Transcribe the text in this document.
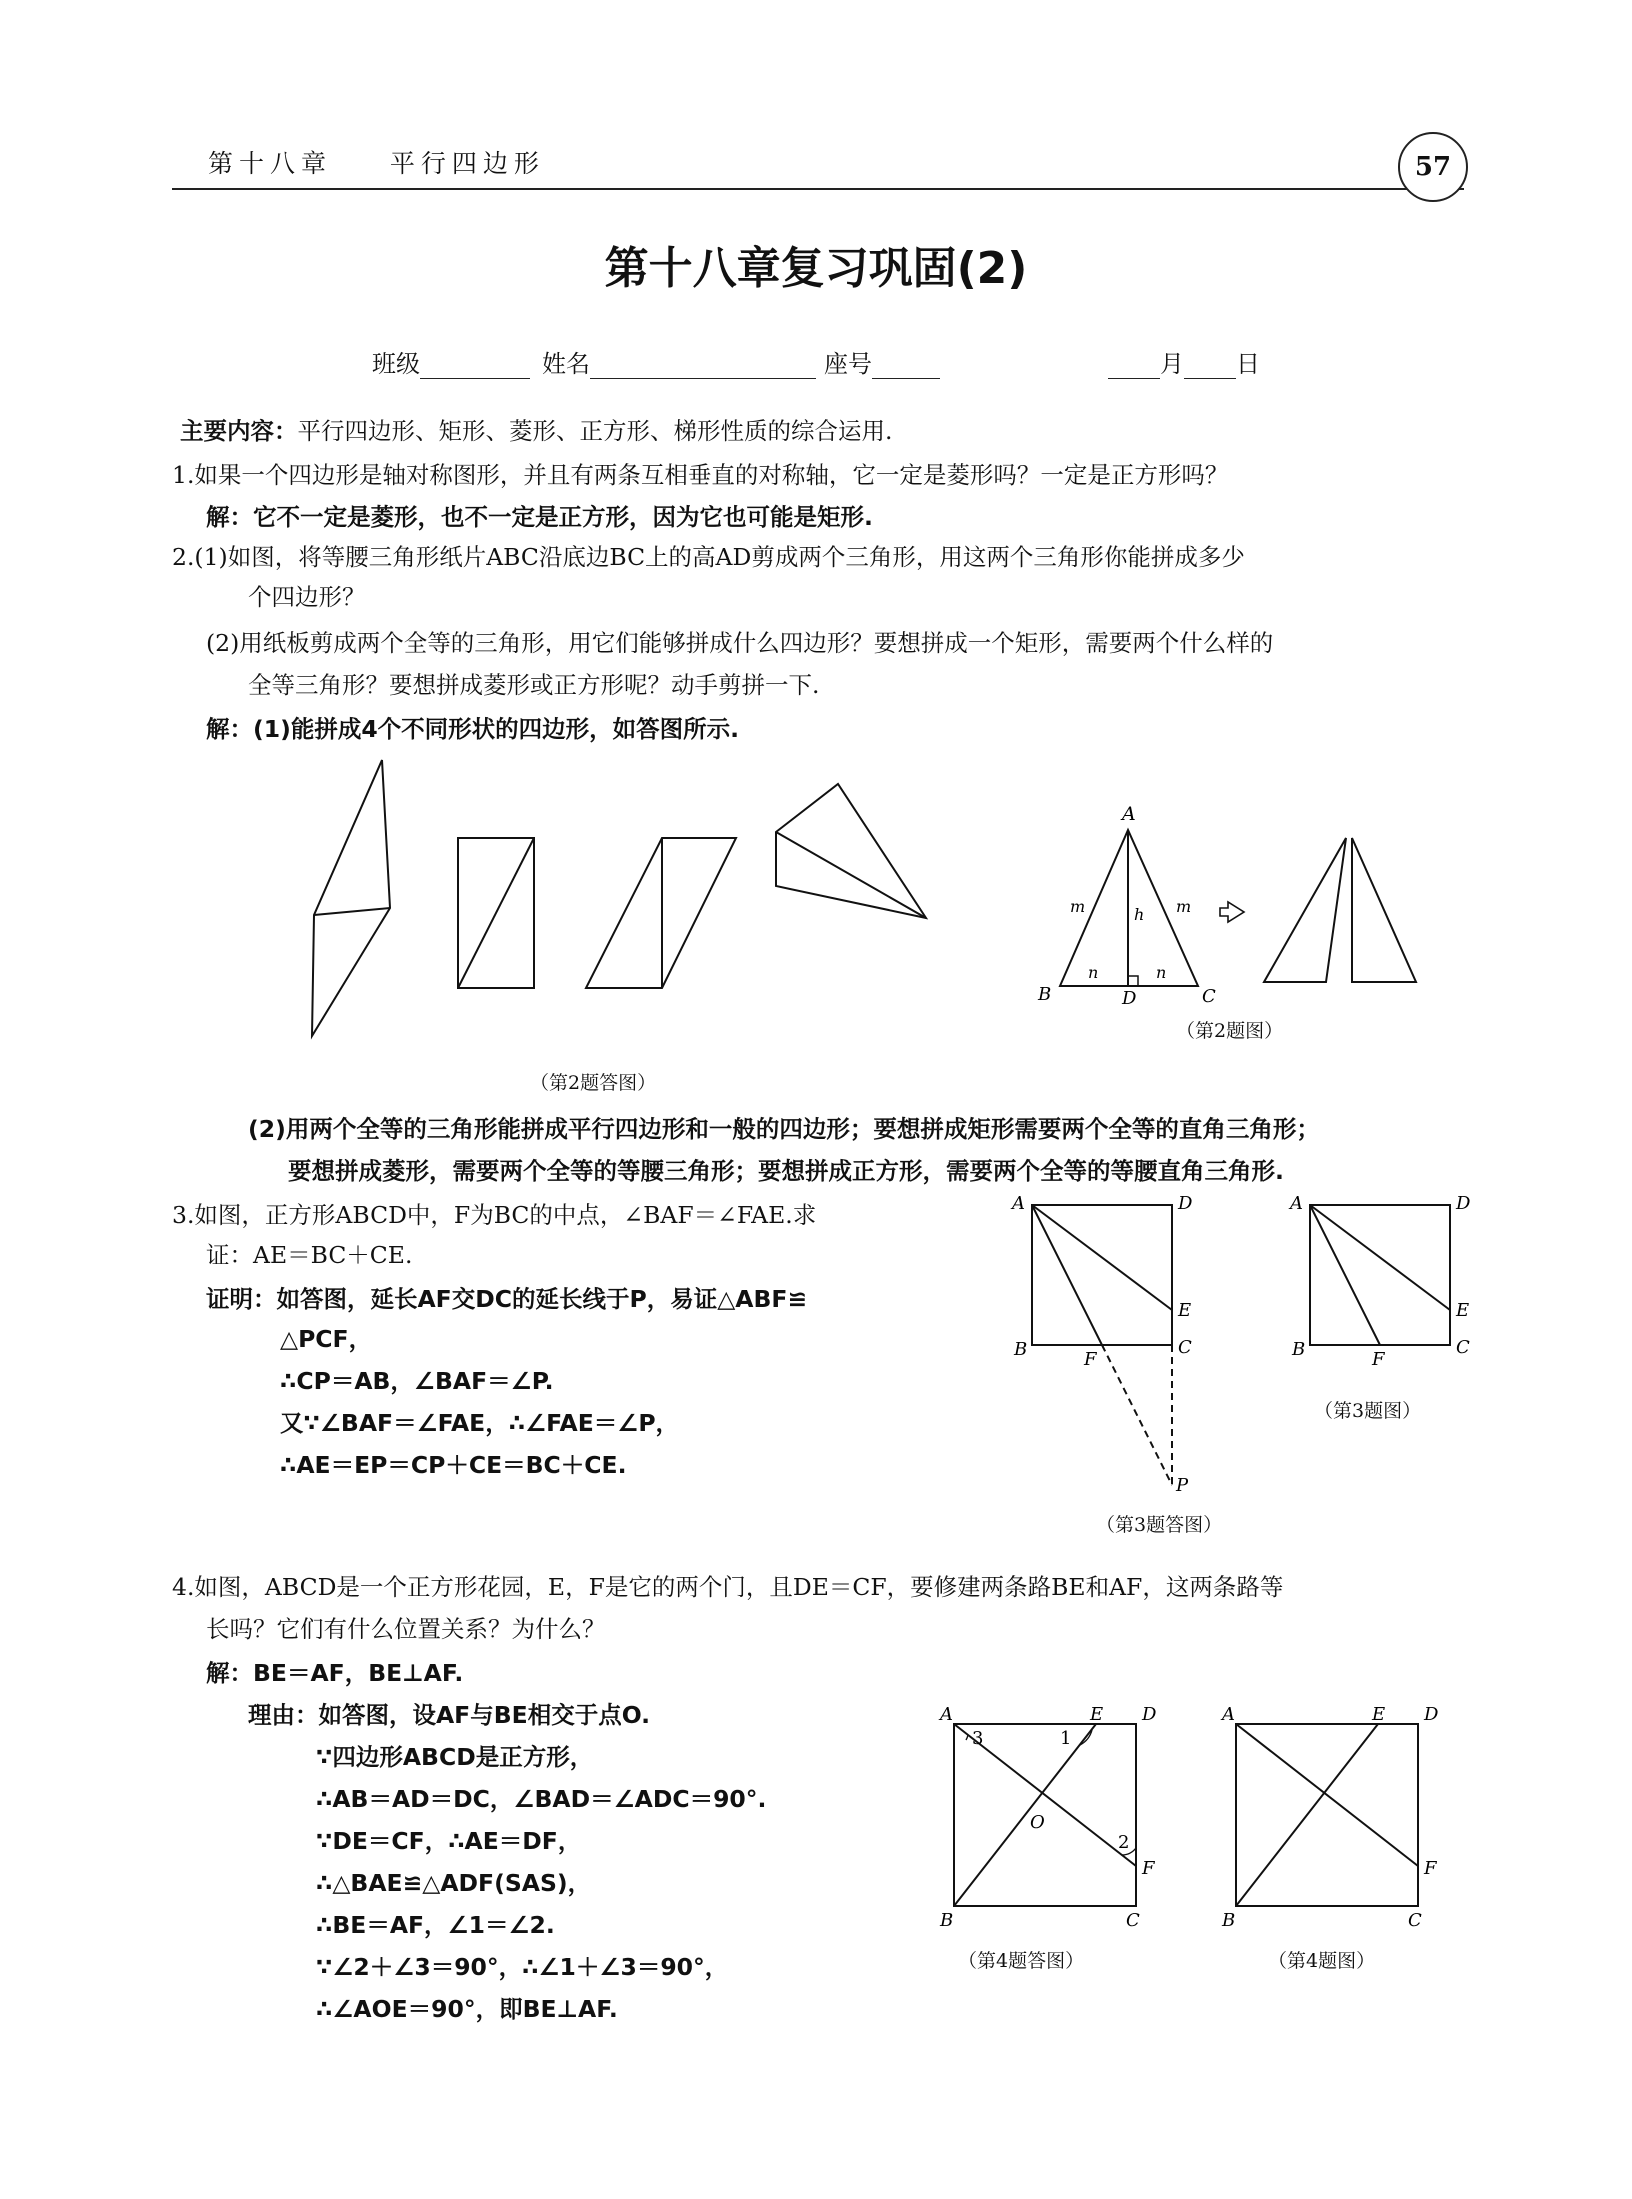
第十八章 平行四边形	57
第十八章复习巩固(2)
班级	姓名	座号	月 日
主要内容：平行四边形、矩形、菱形、正方形、梯形性质的综合运用.
1.如果一个四边形是轴对称图形，并且有两条互相垂直的对称轴，它一定是菱形吗？一定是正方形吗？
解：它不一定是菱形，也不一定是正方形，因为它也可能是矩形.
2.(1)如图，将等腰三角形纸片ABC沿底边BC上的高AD剪成两个三角形，用这两个三角形你能拼成多少
个四边形？
(2)用纸板剪成两个全等的三角形，用它们能够拼成什么四边形？要想拼成一个矩形，需要两个什么样的
全等三角形？要想拼成菱形或正方形呢？动手剪拼一下.
解：(1)能拼成4个不同形状的四边形，如答图所示.
（第2题答图）
A
B	D	C
m	m
h
n	n
（第2题图）
(2)用两个全等的三角形能拼成平行四边形和一般的四边形；要想拼成矩形需要两个全等的直角三角形；
要想拼成菱形，需要两个全等的等腰三角形；要想拼成正方形，需要两个全等的等腰直角三角形.
3.如图，正方形ABCD中，F为BC的中点，∠BAF＝∠FAE.求
证：AE＝BC＋CE.
证明：如答图，延长AF交DC的延长线于P，易证△ABF≌
△PCF，
∴CP＝AB，∠BAF＝∠P.
又∵∠BAF＝∠FAE，∴∠FAE＝∠P，
∴AE＝EP＝CP＋CE＝BC＋CE.
A	D
E
C
B	F
P
（第3题答图）
A	D
E
C
B	F
（第3题图）
4.如图，ABCD是一个正方形花园，E，F是它的两个门，且DE＝CF，要修建两条路BE和AF，这两条路等
长吗？它们有什么位置关系？为什么？
解：BE＝AF，BE⊥AF.
理由：如答图，设AF与BE相交于点O.
∵四边形ABCD是正方形，
∴AB＝AD＝DC，∠BAD＝∠ADC＝90°.
∵DE＝CF，∴AE＝DF，
∴△BAE≌△ADF(SAS)，
∴BE＝AF，∠1＝∠2.
∵∠2＋∠3＝90°，∴∠1＋∠3＝90°，
∴∠AOE＝90°，即BE⊥AF.
A	E D
F
B	C
O
3	1
2
（第4题答图）
A	E D
F
B	C
（第4题图）
